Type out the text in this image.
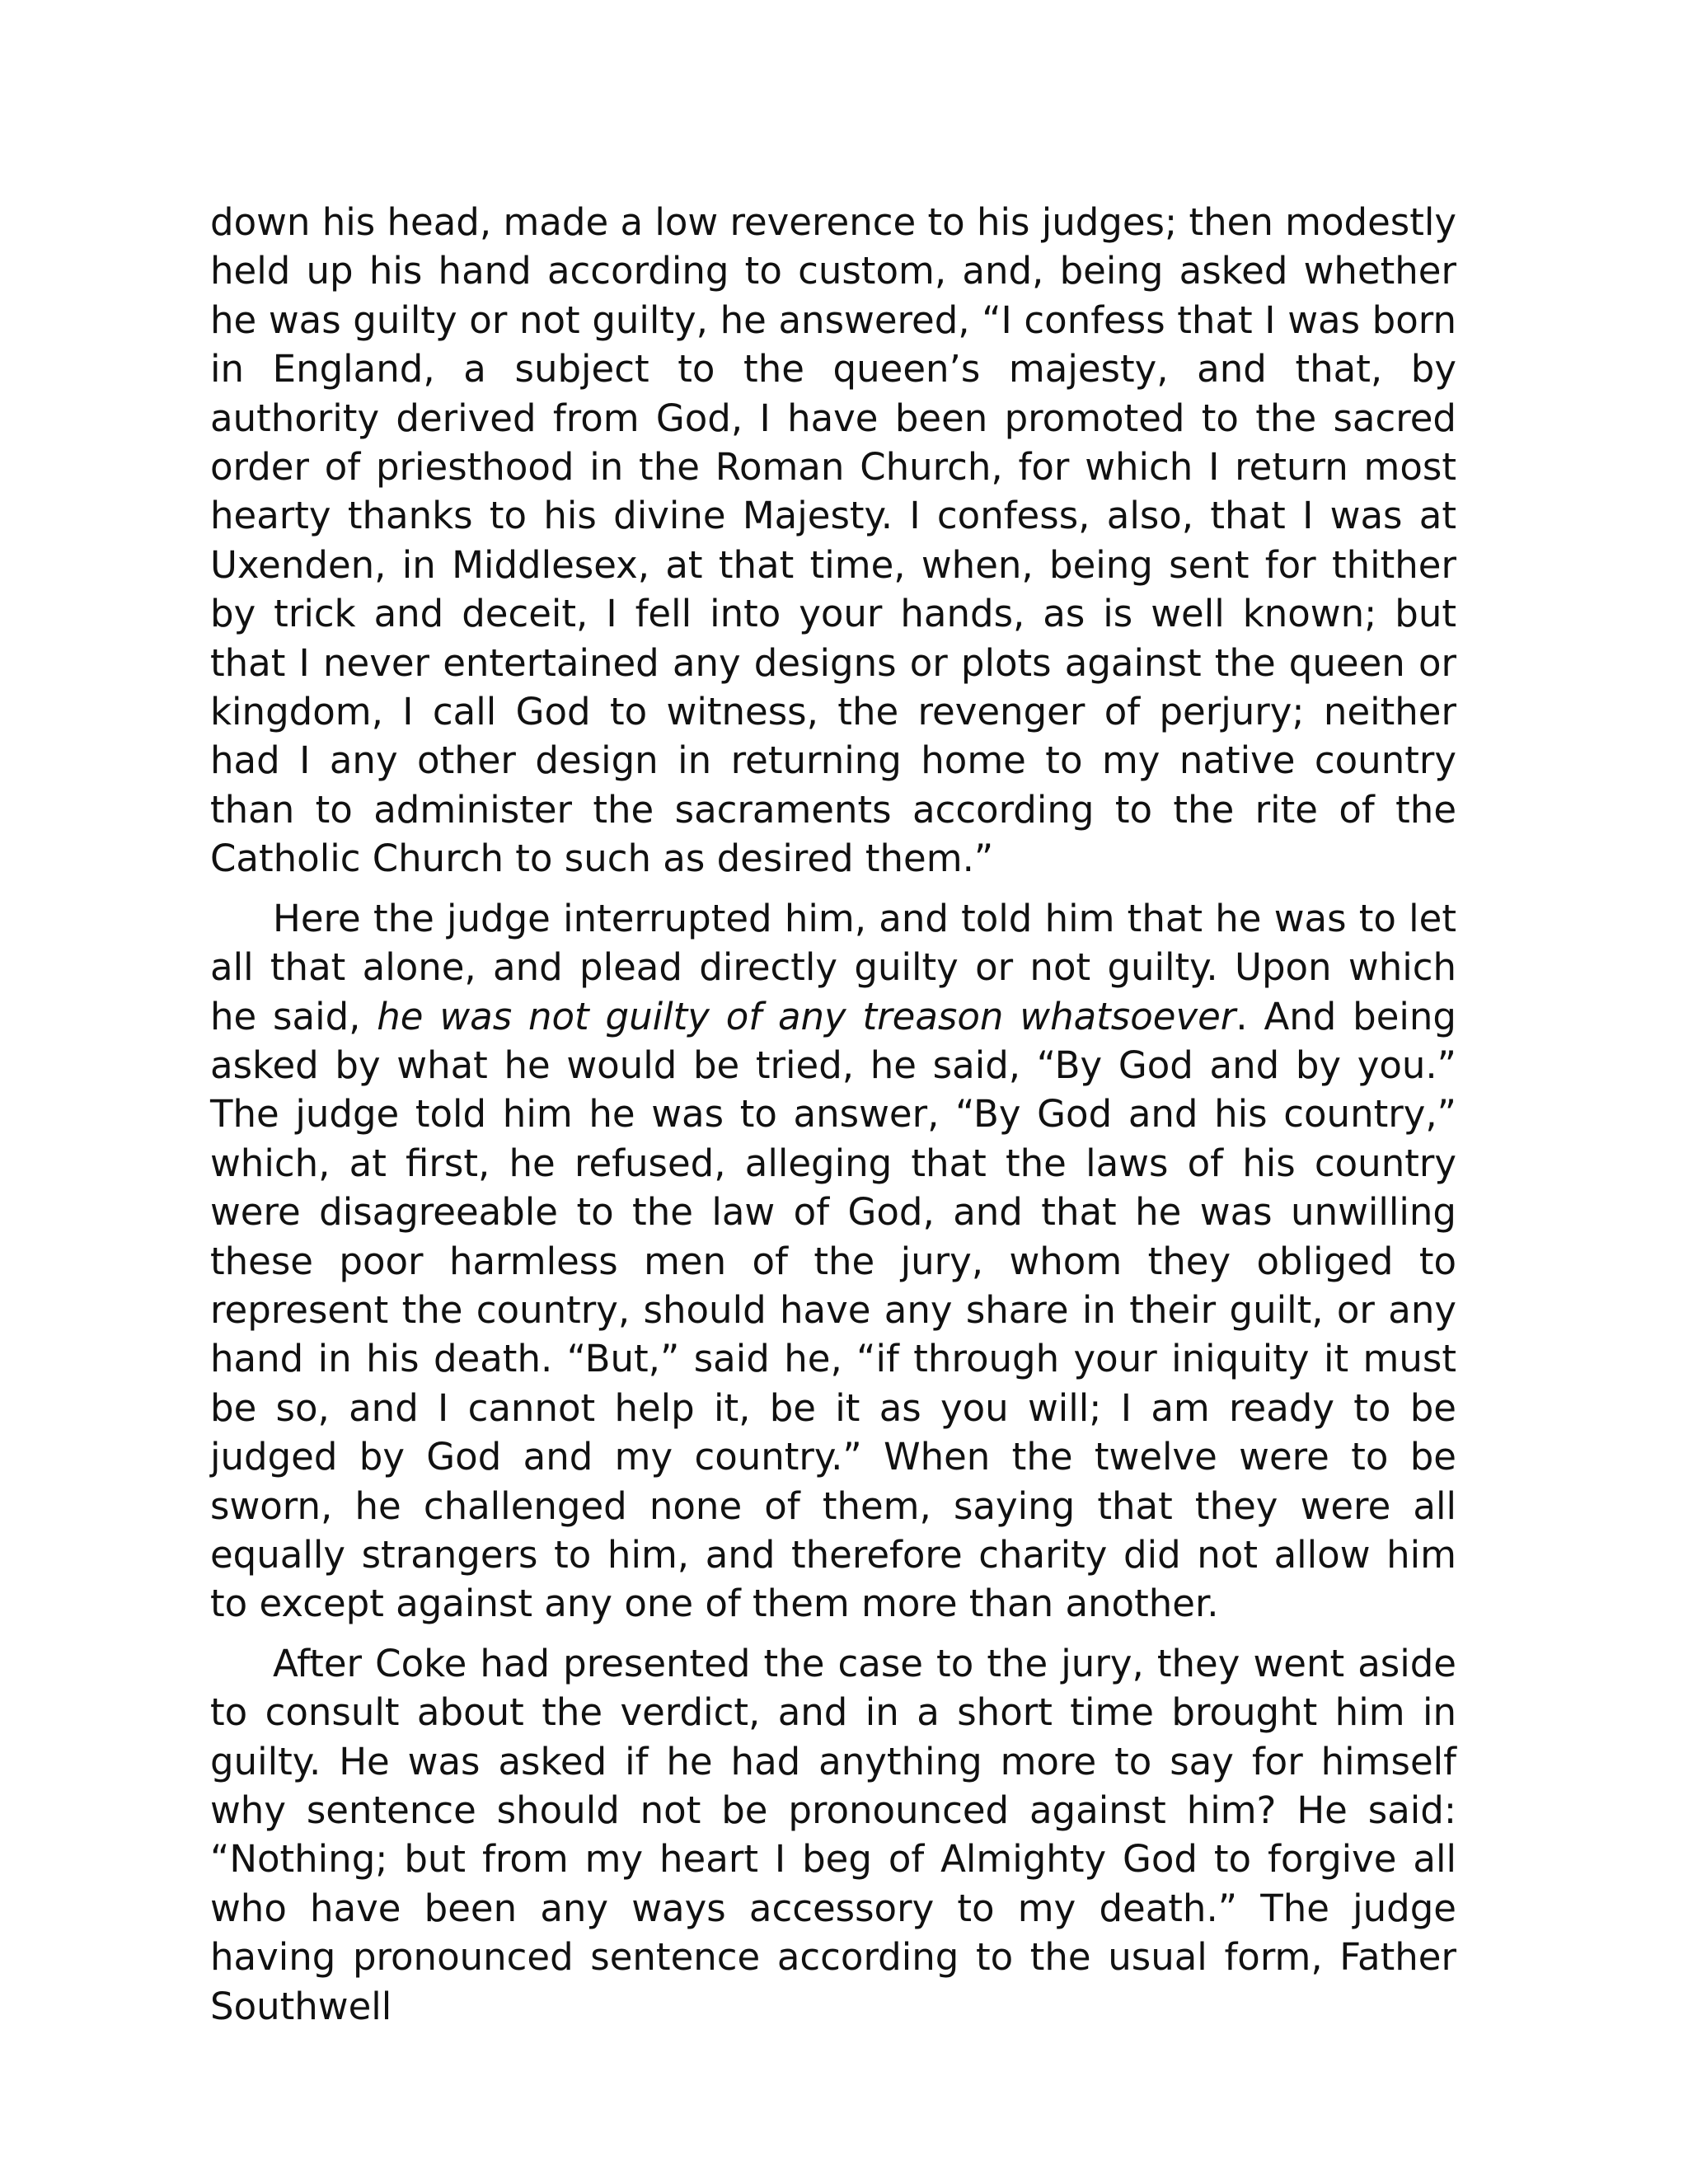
down his head, made a low reverence to his judges; then modestly held up his hand according to custom, and, being asked whether he was guilty or not guilty, he answered, “I confess that I was born in England, a subject to the queen’s majesty, and that, by authority derived from God, I have been promoted to the sacred order of priesthood in the Roman Church, for which I return most hearty thanks to his divine Majesty. I confess, also, that I was at Uxenden, in Middlesex, at that time, when, being sent for thither by trick and deceit, I fell into your hands, as is well known; but that I never entertained any designs or plots against the queen or kingdom, I call God to witness, the revenger of perjury; neither had I any other design in returning home to my native country than to administer the sacraments according to the rite of the Catholic Church to such as desired them.”

Here the judge interrupted him, and told him that he was to let all that alone, and plead directly guilty or not guilty. Upon which he said, he was not guilty of any treason whatsoever. And being asked by what he would be tried, he said, “By God and by you.” The judge told him he was to answer, “By God and his country,” which, at first, he refused, alleging that the laws of his country were disagreeable to the law of God, and that he was unwilling these poor harmless men of the jury, whom they obliged to represent the country, should have any share in their guilt, or any hand in his death. “But,” said he, “if through your iniquity it must be so, and I cannot help it, be it as you will; I am ready to be judged by God and my country.” When the twelve were to be sworn, he challenged none of them, saying that they were all equally strangers to him, and therefore charity did not allow him to except against any one of them more than another.

After Coke had presented the case to the jury, they went aside to consult about the verdict, and in a short time brought him in guilty. He was asked if he had anything more to say for himself why sentence should not be pronounced against him? He said: “Nothing; but from my heart I beg of Almighty God to forgive all who have been any ways accessory to my death.” The judge having pronounced sentence according to the usual form, Father Southwell
